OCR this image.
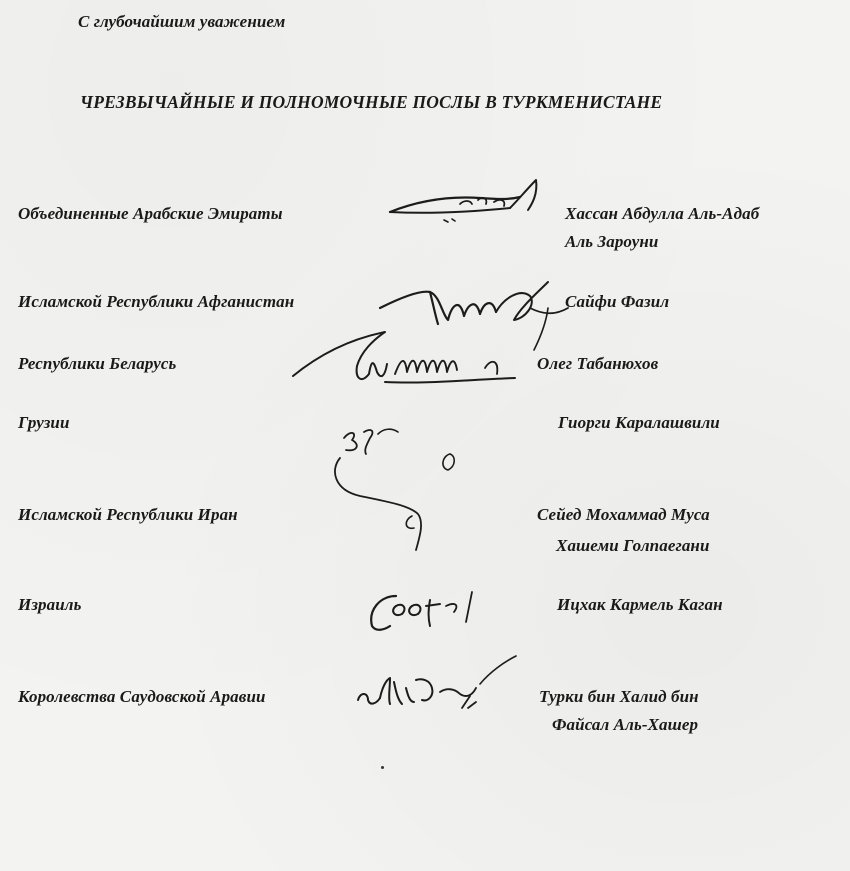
С глубочайшим уважением
ЧРЕЗВЫЧАЙНЫЕ И ПОЛНОМОЧНЫЕ ПОСЛЫ В ТУРКМЕНИСТАНЕ
Объединенные Арабские Эмираты	Хассан Абдулла Аль-Адаб
Аль Зароуни
Исламской Республики Афганистан	Сайфи Фазил
Республики Беларусь	Олег Табанюхов
Грузии	Гиорги Каралашвили
Исламской Республики Иран	Сейед Мохаммад Муса
Хашеми Голпаегани
Израиль	Ицхак Кармель Каган
Королевства Саудовской Аравии	Турки бин Халид бин
Файсал Аль-Хашер
